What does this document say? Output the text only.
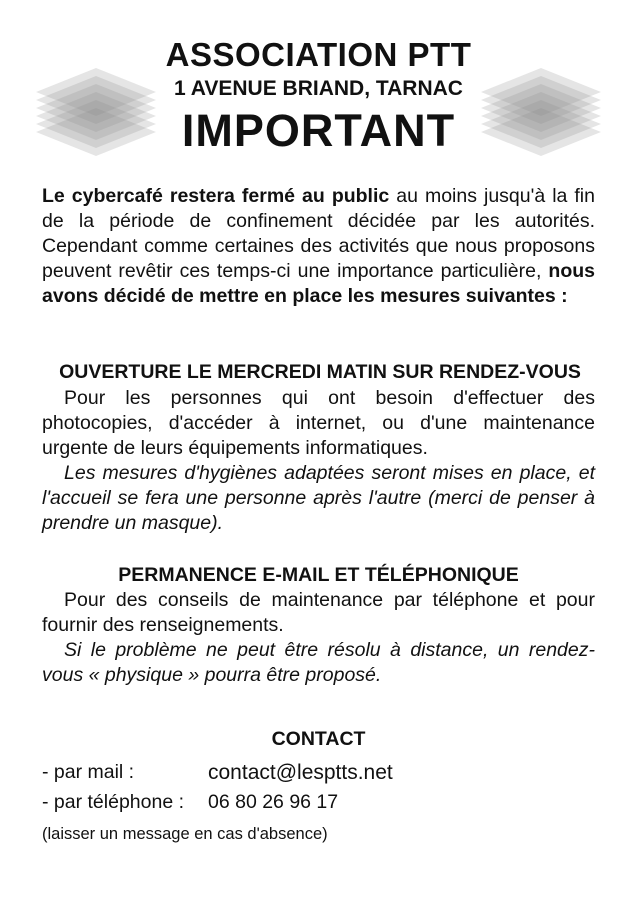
ASSOCIATION PTT
1 AVENUE BRIAND, TARNAC
IMPORTANT

Le cybercafé restera fermé au public au moins jusqu'à la fin de la période de confinement décidée par les autorités. Cependant comme certaines des activités que nous proposons peuvent revêtir ces temps-ci une importance particulière, nous avons décidé de mettre en place les mesures suivantes :

OUVERTURE LE MERCREDI MATIN SUR RENDEZ-VOUS

Pour les personnes qui ont besoin d'effectuer des photocopies, d'accéder à internet, ou d'une maintenance urgente de leurs équipements informatiques.

Les mesures d'hygiènes adaptées seront mises en place, et l'accueil se fera une personne après l'autre (merci de penser à prendre un masque).

PERMANENCE E-MAIL ET TÉLÉPHONIQUE

Pour des conseils de maintenance par téléphone et pour fournir des renseignements.

Si le problème ne peut être résolu à distance, un rendez-vous « physique » pourra être proposé.

CONTACT
- par mail :	contact@lesptts.net
- par téléphone : 06 80 26 96 17
(laisser un message en cas d'absence)
